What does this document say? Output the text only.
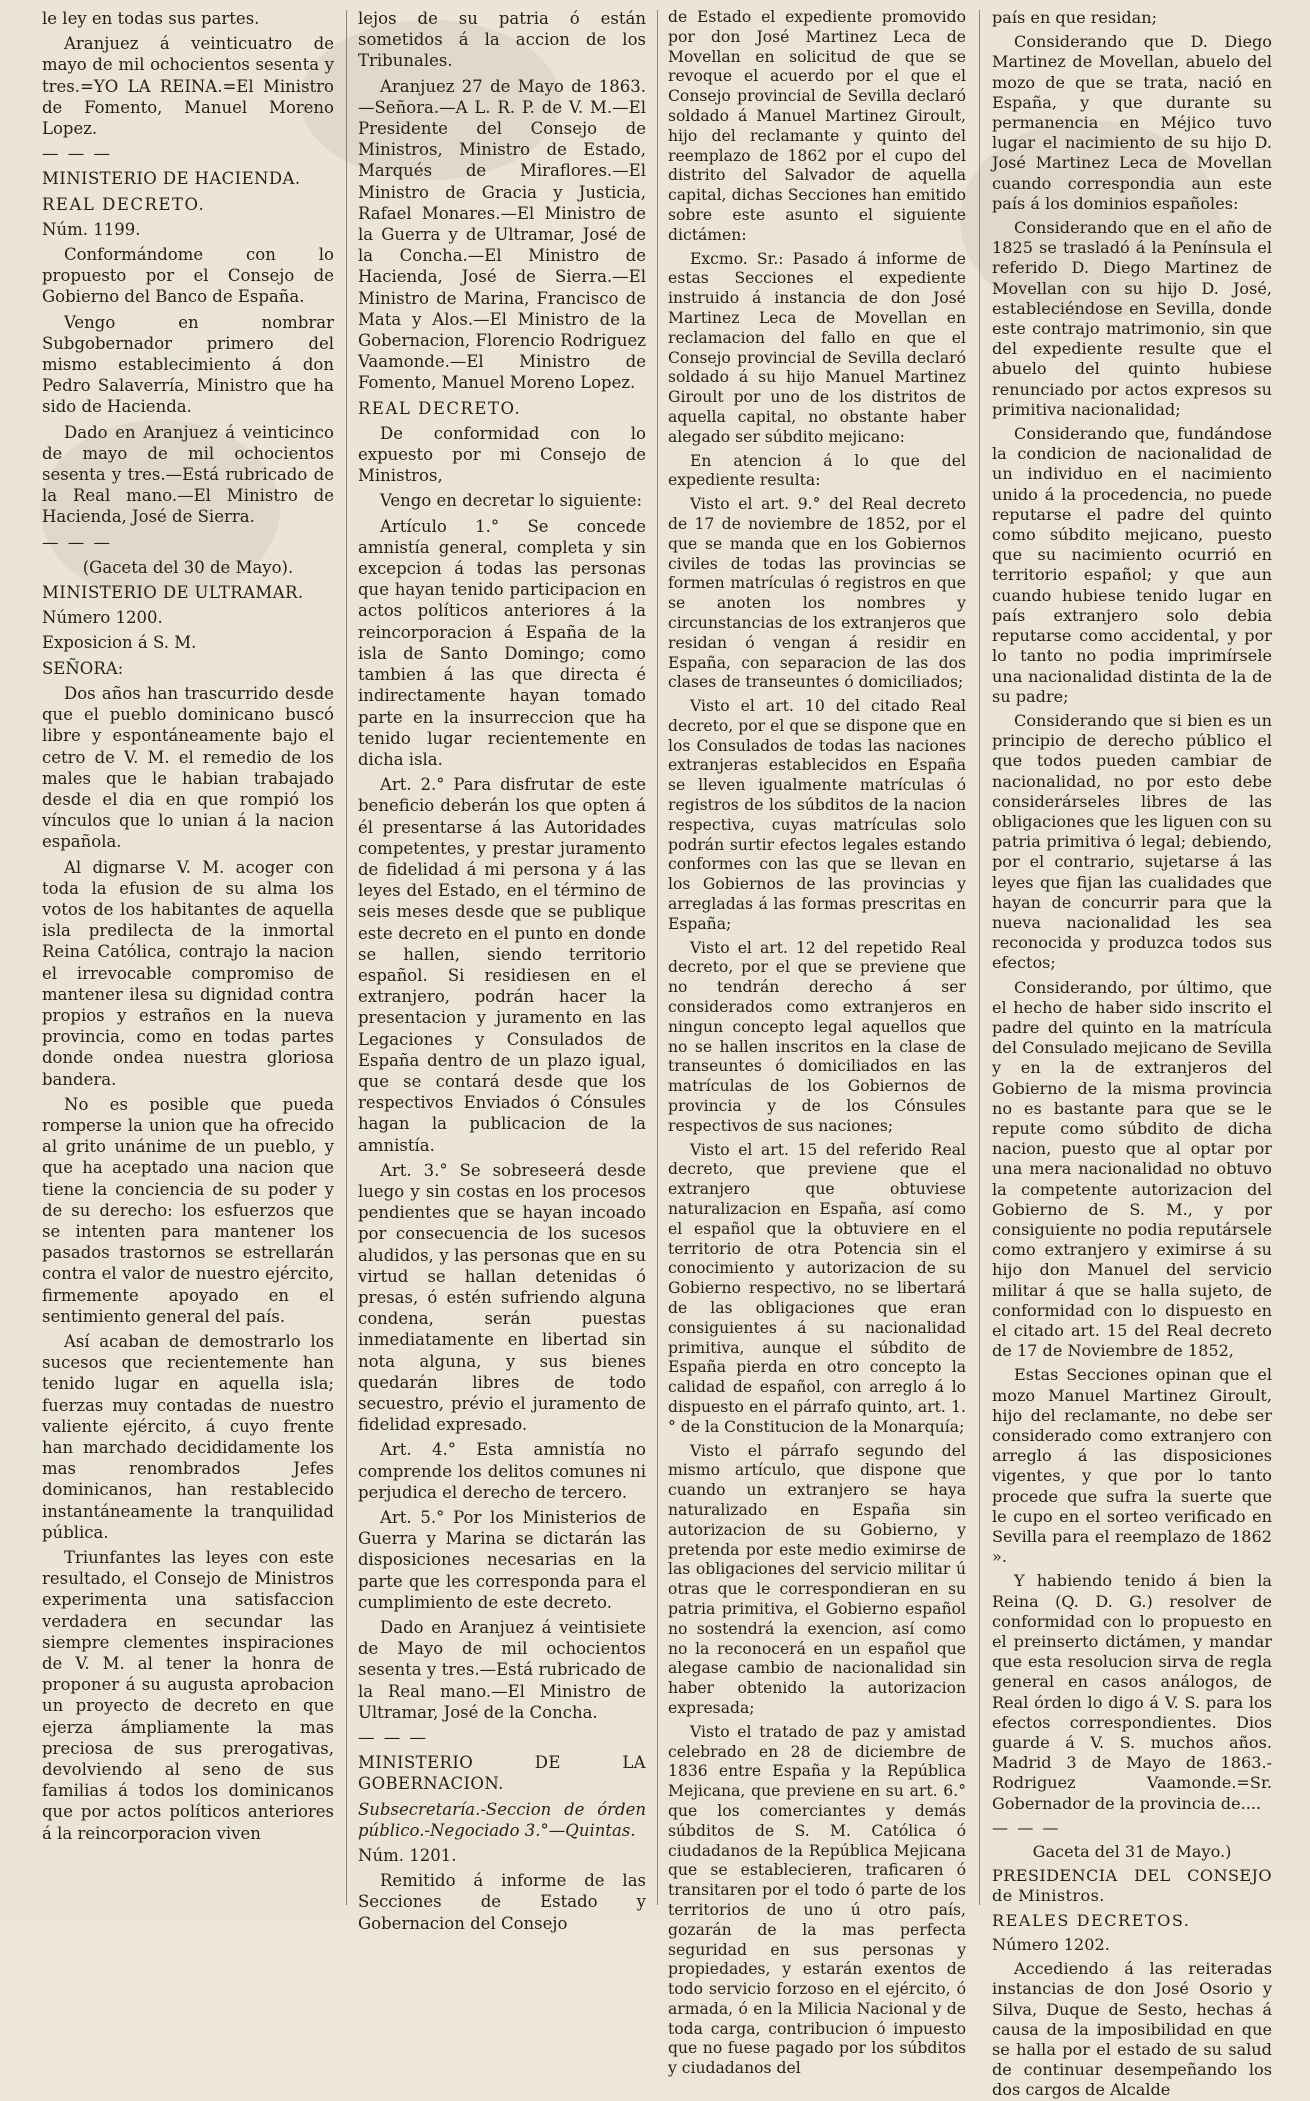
le ley en todas sus partes.

Aranjuez á veinticuatro de mayo de mil ochocientos sesenta y tres.=YO LA REINA.=El Ministro de Fomento, Manuel Moreno Lopez.

— — —

MINISTERIO DE HACIENDA.

REAL DECRETO.

Núm. 1199.

Conformándome con lo propuesto por el Consejo de Gobierno del Banco de España.

Vengo en nombrar Subgobernador primero del mismo establecimiento á don Pedro Salaverría, Ministro que ha sido de Hacienda.

Dado en Aranjuez á veinticinco de mayo de mil ochocientos sesenta y tres.—Está rubricado de la Real mano.—El Ministro de Hacienda, José de Sierra.

— — —

(Gaceta del 30 de Mayo).

MINISTERIO DE ULTRAMAR.

Número 1200.

Exposicion á S. M.

SEÑORA:

Dos años han trascurrido desde que el pueblo dominicano buscó libre y espontáneamente bajo el cetro de V. M. el remedio de los males que le habian trabajado desde el dia en que rompió los vínculos que lo unian á la nacion española.

Al dignarse V. M. acoger con toda la efusion de su alma los votos de los habitantes de aquella isla predilecta de la inmortal Reina Católica, contrajo la nacion el irrevocable compromiso de mantener ilesa su dignidad contra propios y estraños en la nueva provincia, como en todas partes donde ondea nuestra gloriosa bandera.

No es posible que pueda romperse la union que ha ofrecido al grito unánime de un pueblo, y que ha aceptado una nacion que tiene la conciencia de su poder y de su derecho: los esfuerzos que se intenten para mantener los pasados trastornos se estrellarán contra el valor de nuestro ejército, firmemente apoyado en el sentimiento general del país.

Así acaban de demostrarlo los sucesos que recientemente han tenido lugar en aquella isla; fuerzas muy contadas de nuestro valiente ejército, á cuyo frente han marchado decididamente los mas renombrados Jefes dominicanos, han restablecido instantáneamente la tranquilidad pública.

Triunfantes las leyes con este resultado, el Consejo de Ministros experimenta una satisfaccion verdadera en secundar las siempre clementes inspiraciones de V. M. al tener la honra de proponer á su augusta aprobacion un proyecto de decreto en que ejerza ámpliamente la mas preciosa de sus prerogativas, devolviendo al seno de sus familias á todos los dominicanos que por actos políticos anteriores á la reincorporacion viven

lejos de su patria ó están sometidos á la accion de los Tribunales.

Aranjuez 27 de Mayo de 1863.—Señora.—A L. R. P. de V. M.—El Presidente del Consejo de Ministros, Ministro de Estado, Marqués de Miraflores.—El Ministro de Gracia y Justicia, Rafael Monares.—El Ministro de la Guerra y de Ultramar, José de la Concha.—El Ministro de Hacienda, José de Sierra.—El Ministro de Marina, Francisco de Mata y Alos.—El Ministro de la Gobernacion, Florencio Rodriguez Vaamonde.—El Ministro de Fomento, Manuel Moreno Lopez.

REAL DECRETO.

De conformidad con lo expuesto por mi Consejo de Ministros,

Vengo en decretar lo siguiente:

Artículo 1.° Se concede amnistía general, completa y sin excepcion á todas las personas que hayan tenido participacion en actos políticos anteriores á la reincorporacion á España de la isla de Santo Domingo; como tambien á las que directa é indirectamente hayan tomado parte en la insurreccion que ha tenido lugar recientemente en dicha isla.

Art. 2.° Para disfrutar de este beneficio deberán los que opten á él presentarse á las Autoridades competentes, y prestar juramento de fidelidad á mi persona y á las leyes del Estado, en el término de seis meses desde que se publique este decreto en el punto en donde se hallen, siendo territorio español. Si residiesen en el extranjero, podrán hacer la presentacion y juramento en las Legaciones y Consulados de España dentro de un plazo igual, que se contará desde que los respectivos Enviados ó Cónsules hagan la publicacion de la amnistía.

Art. 3.° Se sobreseerá desde luego y sin costas en los procesos pendientes que se hayan incoado por consecuencia de los sucesos aludidos, y las personas que en su virtud se hallan detenidas ó presas, ó estén sufriendo alguna condena, serán puestas inmediatamente en libertad sin nota alguna, y sus bienes quedarán libres de todo secuestro, prévio el juramento de fidelidad expresado.

Art. 4.° Esta amnistía no comprende los delitos comunes ni perjudica el derecho de tercero.

Art. 5.° Por los Ministerios de Guerra y Marina se dictarán las disposiciones necesarias en la parte que les corresponda para el cumplimiento de este decreto.

Dado en Aranjuez á veintisiete de Mayo de mil ochocientos sesenta y tres.—Está rubricado de la Real mano.—El Ministro de Ultramar, José de la Concha.

— — —

MINISTERIO DE LA GOBERNACION.

Subsecretaría.-Seccion de órden público.-Negociado 3.°—Quintas.

Núm. 1201.

Remitido á informe de las Secciones de Estado y Gobernacion del Consejo

de Estado el expediente promovido por don José Martinez Leca de Movellan en solicitud de que se revoque el acuerdo por el que el Consejo provincial de Sevilla declaró soldado á Manuel Martinez Giroult, hijo del reclamante y quinto del reemplazo de 1862 por el cupo del distrito del Salvador de aquella capital, dichas Secciones han emitido sobre este asunto el siguiente dictámen:

Excmo. Sr.: Pasado á informe de estas Secciones el expediente instruido á instancia de don José Martinez Leca de Movellan en reclamacion del fallo en que el Consejo provincial de Sevilla declaró soldado á su hijo Manuel Martinez Giroult por uno de los distritos de aquella capital, no obstante haber alegado ser súbdito mejicano:

En atencion á lo que del expediente resulta:

Visto el art. 9.° del Real decreto de 17 de noviembre de 1852, por el que se manda que en los Gobiernos civiles de todas las provincias se formen matrículas ó registros en que se anoten los nombres y circunstancias de los extranjeros que residan ó vengan á residir en España, con separacion de las dos clases de transeuntes ó domiciliados;

Visto el art. 10 del citado Real decreto, por el que se dispone que en los Consulados de todas las naciones extranjeras establecidos en España se lleven igualmente matrículas ó registros de los súbditos de la nacion respectiva, cuyas matrículas solo podrán surtir efectos legales estando conformes con las que se llevan en los Gobiernos de las provincias y arregladas á las formas prescritas en España;

Visto el art. 12 del repetido Real decreto, por el que se previene que no tendrán derecho á ser considerados como extranjeros en ningun concepto legal aquellos que no se hallen inscritos en la clase de transeuntes ó domiciliados en las matrículas de los Gobiernos de provincia y de los Cónsules respectivos de sus naciones;

Visto el art. 15 del referido Real decreto, que previene que el extranjero que obtuviese naturalizacion en España, así como el español que la obtuviere en el territorio de otra Potencia sin el conocimiento y autorizacion de su Gobierno respectivo, no se libertará de las obligaciones que eran consiguientes á su nacionalidad primitiva, aunque el súbdito de España pierda en otro concepto la calidad de español, con arreglo á lo dispuesto en el párrafo quinto, art. 1.° de la Constitucion de la Monarquía;

Visto el párrafo segundo del mismo artículo, que dispone que cuando un extranjero se haya naturalizado en España sin autorizacion de su Gobierno, y pretenda por este medio eximirse de las obligaciones del servicio militar ú otras que le correspondieran en su patria primitiva, el Gobierno español no sostendrá la exencion, así como no la reconocerá en un español que alegase cambio de nacionalidad sin haber obtenido la autorizacion expresada;

Visto el tratado de paz y amistad celebrado en 28 de diciembre de 1836 entre España y la República Mejicana, que previene en su art. 6.° que los comerciantes y demás súbditos de S. M. Católica ó ciudadanos de la República Mejicana que se establecieren, traficaren ó transitaren por el todo ó parte de los territorios de uno ú otro país, gozarán de la mas perfecta seguridad en sus personas y propiedades, y estarán exentos de todo servicio forzoso en el ejército, ó armada, ó en la Milicia Nacional y de toda carga, contribucion ó impuesto que no fuese pagado por los súbditos y ciudadanos del

país en que residan;

Considerando que D. Diego Martinez de Movellan, abuelo del mozo de que se trata, nació en España, y que durante su permanencia en Méjico tuvo lugar el nacimiento de su hijo D. José Martinez Leca de Movellan cuando correspondia aun este país á los dominios españoles:

Considerando que en el año de 1825 se trasladó á la Península el referido D. Diego Martinez de Movellan con su hijo D. José, estableciéndose en Sevilla, donde este contrajo matrimonio, sin que del expediente resulte que el abuelo del quinto hubiese renunciado por actos expresos su primitiva nacionalidad;

Considerando que, fundándose la condicion de nacionalidad de un individuo en el nacimiento unido á la procedencia, no puede reputarse el padre del quinto como súbdito mejicano, puesto que su nacimiento ocurrió en territorio español; y que aun cuando hubiese tenido lugar en país extranjero solo debia reputarse como accidental, y por lo tanto no podia imprimírsele una nacionalidad distinta de la de su padre;

Considerando que si bien es un principio de derecho público el que todos pueden cambiar de nacionalidad, no por esto debe considerárseles libres de las obligaciones que les liguen con su patria primitiva ó legal; debiendo, por el contrario, sujetarse á las leyes que fijan las cualidades que hayan de concurrir para que la nueva nacionalidad les sea reconocida y produzca todos sus efectos;

Considerando, por último, que el hecho de haber sido inscrito el padre del quinto en la matrícula del Consulado mejicano de Sevilla y en la de extranjeros del Gobierno de la misma provincia no es bastante para que se le repute como súbdito de dicha nacion, puesto que al optar por una mera nacionalidad no obtuvo la competente autorizacion del Gobierno de S. M., y por consiguiente no podia reputársele como extranjero y eximirse á su hijo don Manuel del servicio militar á que se halla sujeto, de conformidad con lo dispuesto en el citado art. 15 del Real decreto de 17 de Noviembre de 1852,

Estas Secciones opinan que el mozo Manuel Martinez Giroult, hijo del reclamante, no debe ser considerado como extranjero con arreglo á las disposiciones vigentes, y que por lo tanto procede que sufra la suerte que le cupo en el sorteo verificado en Sevilla para el reemplazo de 1862 ».

Y habiendo tenido á bien la Reina (Q. D. G.) resolver de conformidad con lo propuesto en el preinserto dictámen, y mandar que esta resolucion sirva de regla general en casos análogos, de Real órden lo digo á V. S. para los efectos correspondientes. Dios guarde á V. S. muchos años. Madrid 3 de Mayo de 1863.-Rodriguez Vaamonde.=Sr. Gobernador de la provincia de....

— — —

Gaceta del 31 de Mayo.)

PRESIDENCIA DEL CONSEJO de Ministros.

REALES DECRETOS.

Número 1202.

Accediendo á las reiteradas instancias de don José Osorio y Silva, Duque de Sesto, hechas á causa de la imposibilidad en que se halla por el estado de su salud de continuar desempeñando los dos cargos de Alcalde
